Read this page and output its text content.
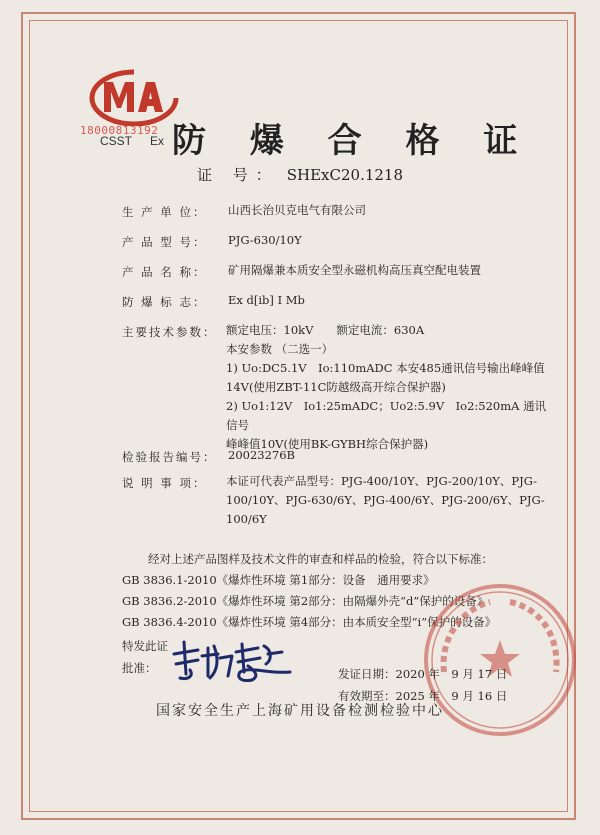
18000813192
CSST Ex 防 爆 合 格 证
证 号： SHExC20.1218
生 产 单 位：	山西长治贝克电气有限公司
产 品 型 号：	PJG-630/10Y
产 品 名 称：	矿用隔爆兼本质安全型永磁机构高压真空配电装置
防 爆 标 志：	Ex d[ib] I Mb
主要技术参数： 额定电压：10kV　　额定电流：630A
本安参数 （二选一）
1) Uo:DC5.1V　Io:110mADC 本安485通讯信号输出峰峰值
14V(使用ZBT-11C防越级高开综合保护器)
2) Uo1:12V　Io1:25mADC；Uo2:5.9V　Io2:520mA 通讯信号
峰峰值10V(使用BK-GYBH综合保护器)
检验报告编号：	20023276B
说 明 事 项：	本证可代表产品型号：PJG-400/10Y、PJG-200/10Y、PJG-
100/10Y、PJG-630/6Y、PJG-400/6Y、PJG-200/6Y、PJG-
100/6Y
经对上述产品图样及技术文件的审查和样品的检验，符合以下标准：
GB 3836.1-2010《爆炸性环境 第1部分：设备　通用要求》
GB 3836.2-2010《爆炸性环境 第2部分：由隔爆外壳“d”保护的设备》
GB 3836.4-2010《爆炸性环境 第4部分：由本质安全型“i”保护的设备》
特发此证
批准：	发证日期：2020 年　9 月 17 日
有效期至：2025 年　9 月 16 日
国家安全生产上海矿用设备检测检验中心
